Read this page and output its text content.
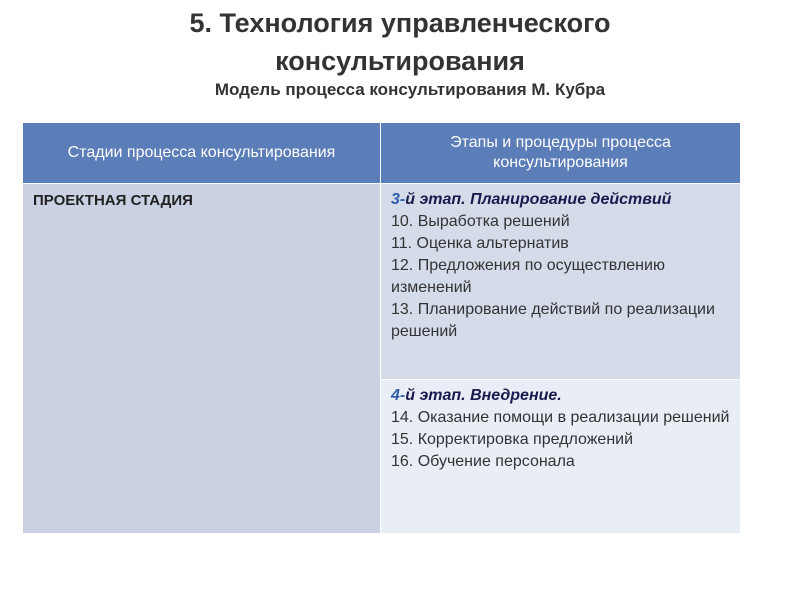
5. Технология управленческого
консультирования
Модель процесса консультирования М. Кубра
Стадии процесса консультирования	Этапы и процедуры процесса консультирования
ПРОЕКТНАЯ СТАДИЯ	3-й этап. Планирование действий
10. Выработка решений
11. Оценка альтернатив
12. Предложения по осуществлению изменений
13. Планирование действий по реализации решений

	4-й этап. Внедрение.
14. Оказание помощи в реализации решений
15. Корректировка предложений
16. Обучение персонала
